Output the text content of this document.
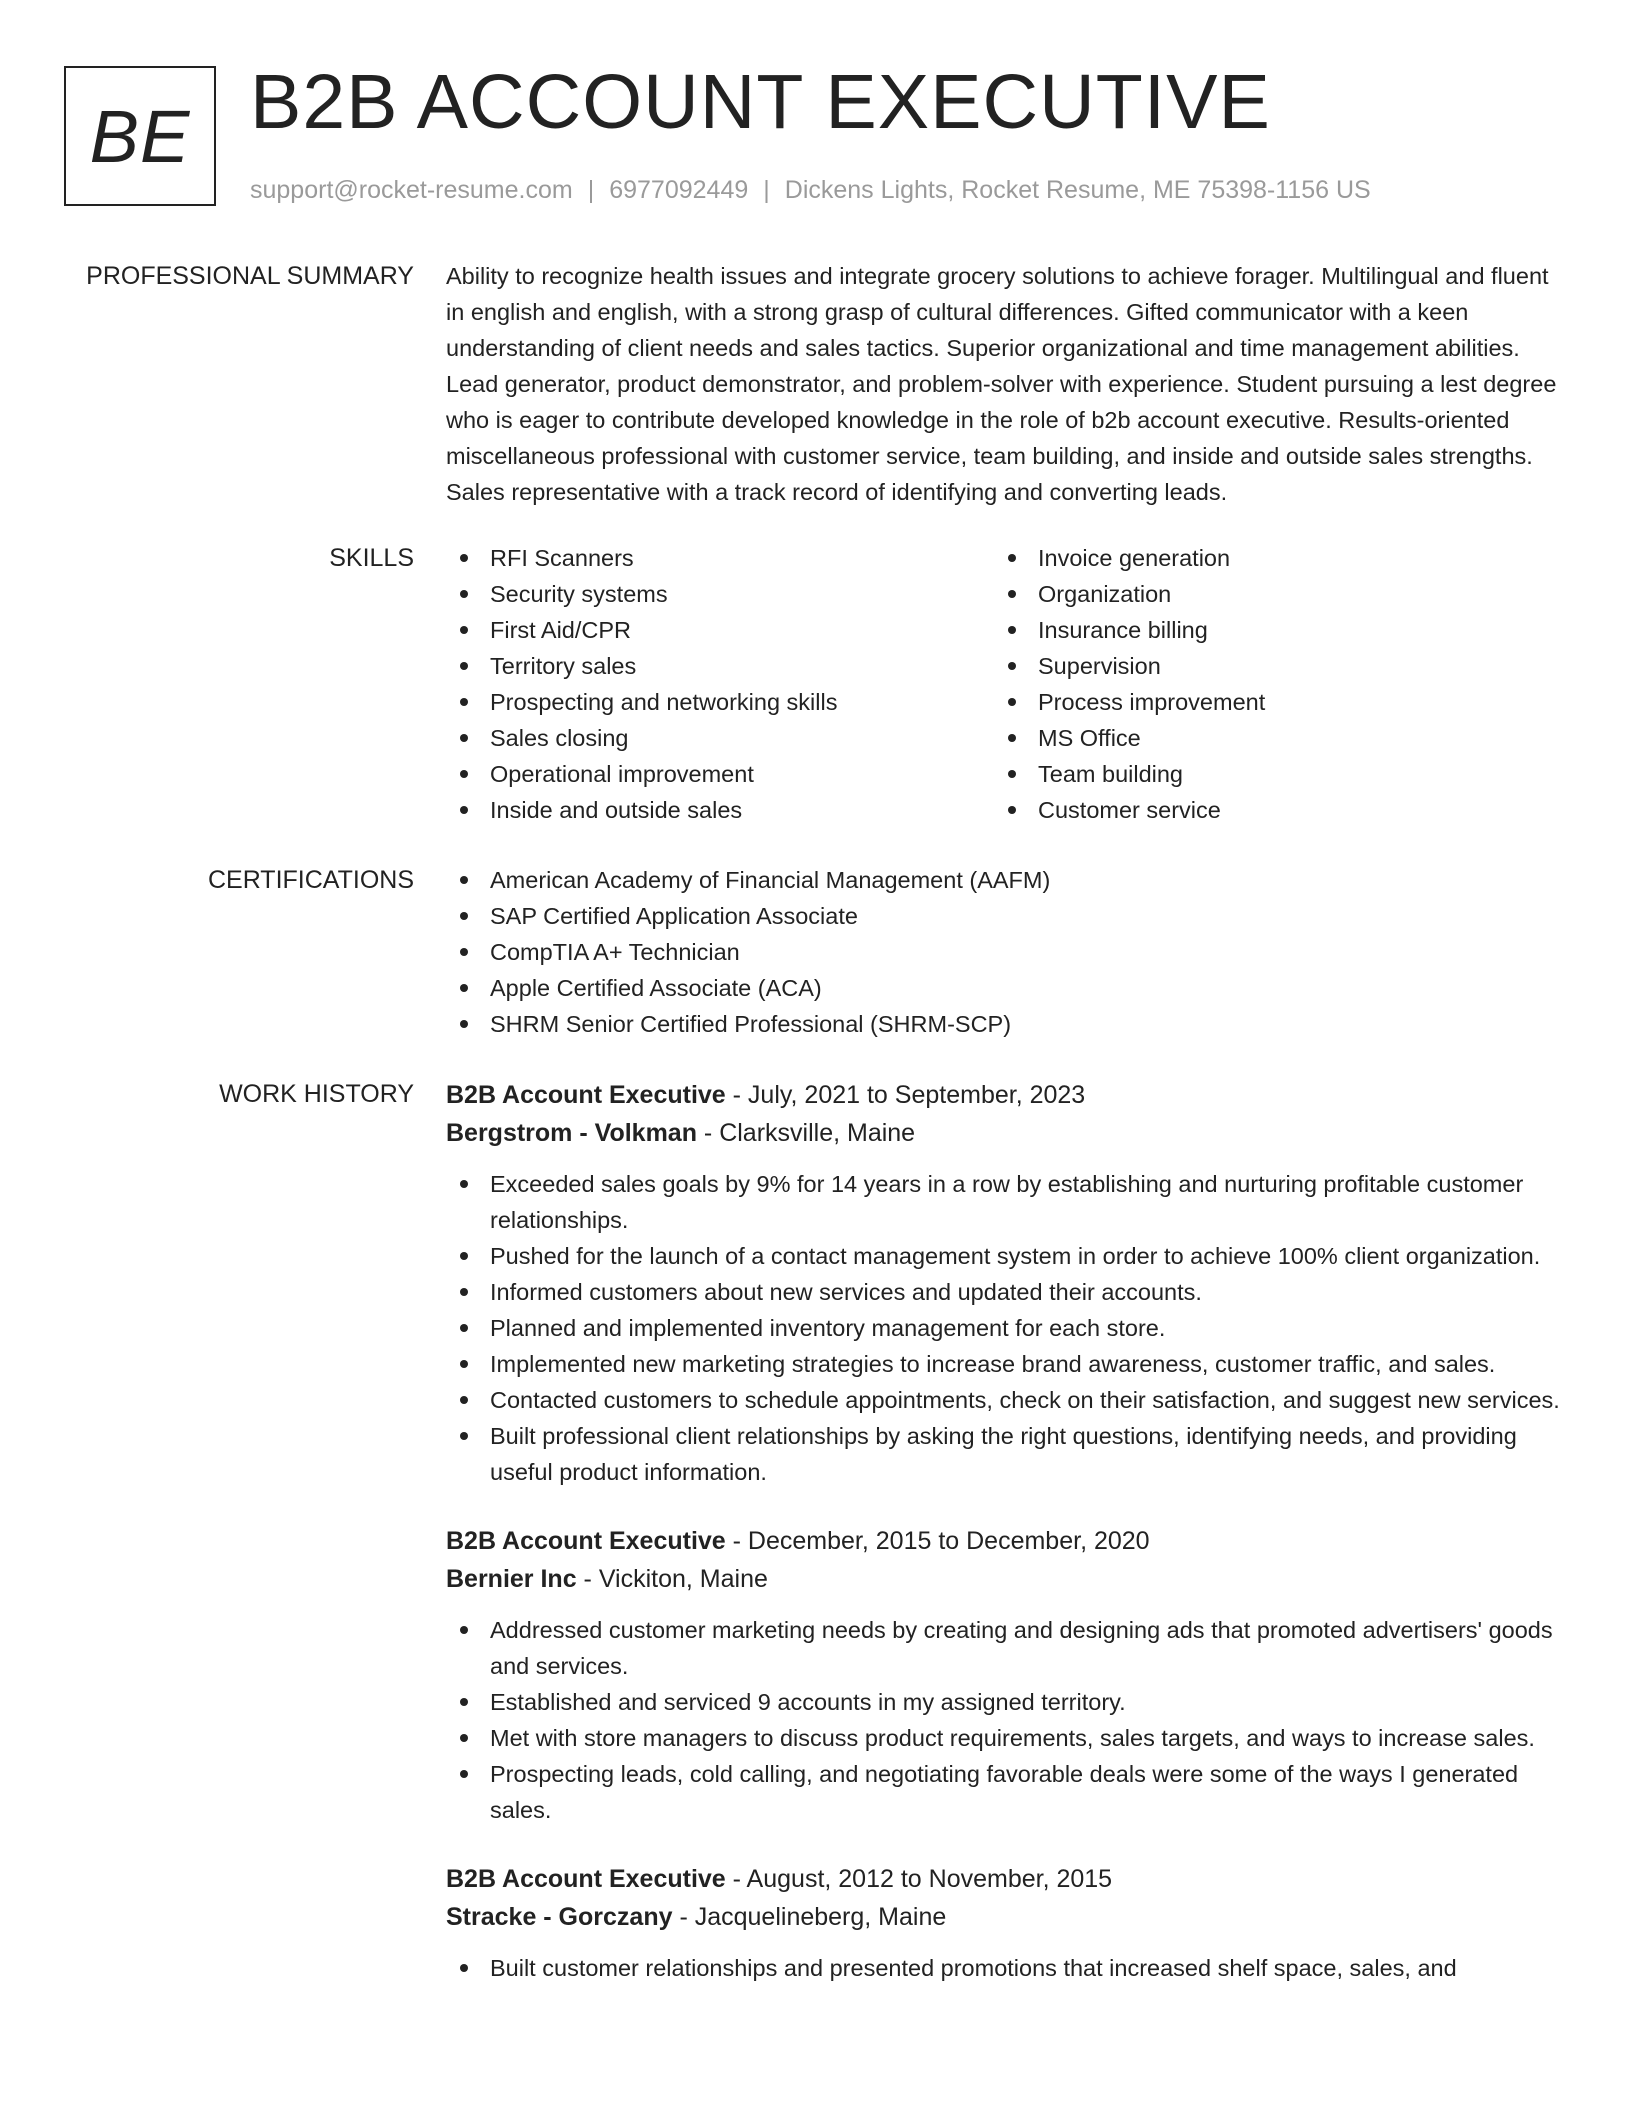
BE B2B ACCOUNT EXECUTIVE
support@rocket-resume.com | 6977092449 | Dickens Lights, Rocket Resume, ME 75398-1156 US
PROFESSIONAL SUMMARY Ability to recognize health issues and integrate grocery solutions to achieve forager. Multilingual and fluent in english and english, with a strong grasp of cultural differences. Gifted communicator with a keen understanding of client needs and sales tactics. Superior organizational and time management abilities. Lead generator, product demonstrator, and problem-solver with experience. Student pursuing a lest degree who is eager to contribute developed knowledge in the role of b2b account executive. Results-oriented miscellaneous professional with customer service, team building, and inside and outside sales strengths. Sales representative with a track record of identifying and converting leads.

SKILLS	RFI Scanners
Security systems
First Aid/CPR
Territory sales
Prospecting and networking skills
Sales closing
Operational improvement
Inside and outside sales
Invoice generation
Organization
Insurance billing
Supervision
Process improvement
MS Office
Team building
Customer service
CERTIFICATIONS	American Academy of Financial Management (AAFM)
SAP Certified Application Associate
CompTIA A+ Technician
Apple Certified Associate (ACA)
SHRM Senior Certified Professional (SHRM-SCP)
WORK HISTORY B2B Account Executive - July, 2021 to September, 2023
Bergstrom - Volkman - Clarksville, Maine
Exceeded sales goals by 9% for 14 years in a row by establishing and nurturing profitable customer relationships.
Pushed for the launch of a contact management system in order to achieve 100% client organization.
Informed customers about new services and updated their accounts.
Planned and implemented inventory management for each store.
Implemented new marketing strategies to increase brand awareness, customer traffic, and sales.
Contacted customers to schedule appointments, check on their satisfaction, and suggest new services.
Built professional client relationships by asking the right questions, identifying needs, and providing useful product information.
B2B Account Executive - December, 2015 to December, 2020
Bernier Inc - Vickiton, Maine
Addressed customer marketing needs by creating and designing ads that promoted advertisers' goods and services.
Established and serviced 9 accounts in my assigned territory.
Met with store managers to discuss product requirements, sales targets, and ways to increase sales.
Prospecting leads, cold calling, and negotiating favorable deals were some of the ways I generated sales.
B2B Account Executive - August, 2012 to November, 2015
Stracke - Gorczany - Jacquelineberg, Maine
Built customer relationships and presented promotions that increased shelf space, sales, and
